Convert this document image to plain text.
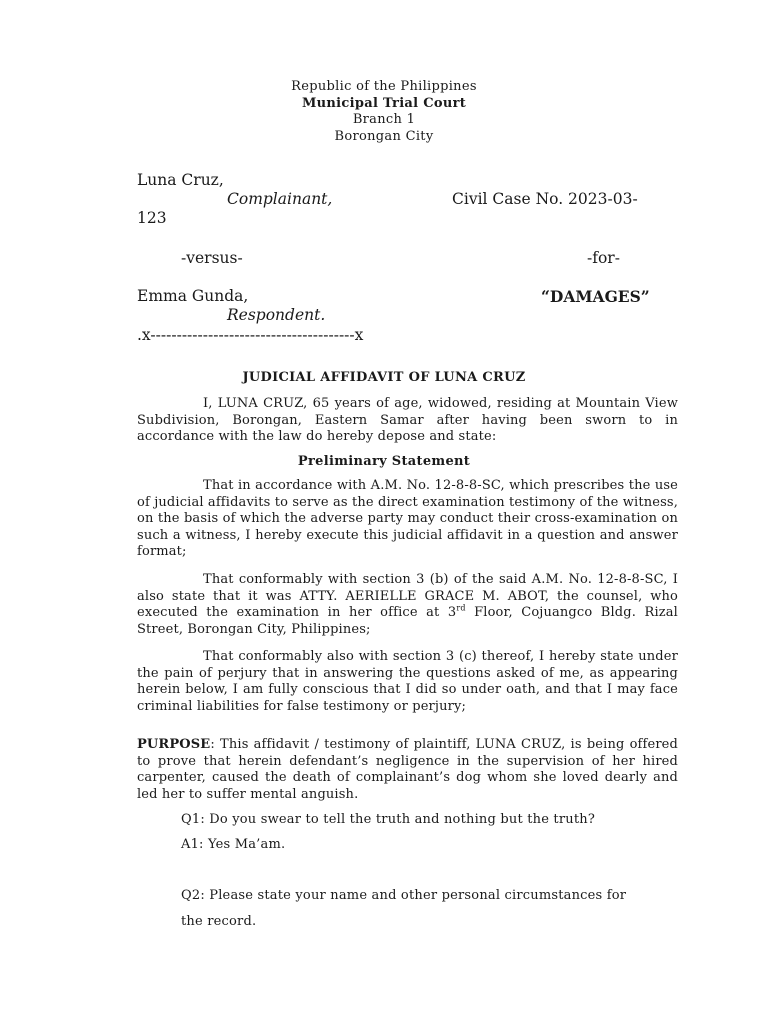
Republic of the Philippines

Municipal Trial Court

Branch 1

Borongan City

Luna Cruz,

Complainant,	Civil Case No. 2023-03-

123

-versus-	-for-

Emma Gunda,	“DAMAGES”

Respondent.

.x---------------------------------------x

JUDICIAL AFFIDAVIT OF LUNA CRUZ

I, LUNA CRUZ, 65 years of age, widowed, residing at Mountain View Subdivision, Borongan, Eastern Samar after having been sworn to in accordance with the law do hereby depose and state:

Preliminary Statement

That in accordance with A.M. No. 12-8-8-SC, which prescribes the use of judicial affidavits to serve as the direct examination testimony of the witness, on the basis of which the adverse party may conduct their cross-examination on such a witness, I hereby execute this judicial affidavit in a question and answer format;

That conformably with section 3 (b) of the said A.M. No. 12-8-8-SC, I also state that it was ATTY. AERIELLE GRACE M. ABOT, the counsel, who executed the examination in her office at 3rd Floor, Cojuangco Bldg. Rizal Street, Borongan City, Philippines;

That conformably also with section 3 (c) thereof, I hereby state under the pain of perjury that in answering the questions asked of me, as appearing herein below, I am fully conscious that I did so under oath, and that I may face criminal liabilities for false testimony or perjury;

PURPOSE: This affidavit / testimony of plaintiff, LUNA CRUZ, is being offered to prove that herein defendant’s negligence in the supervision of her hired carpenter, caused the death of complainant’s dog whom she loved dearly and led her to suffer mental anguish.

Q1: Do you swear to tell the truth and nothing but the truth?

A1: Yes Ma’am.

Q2: Please state your name and other personal circumstances for

the record.
